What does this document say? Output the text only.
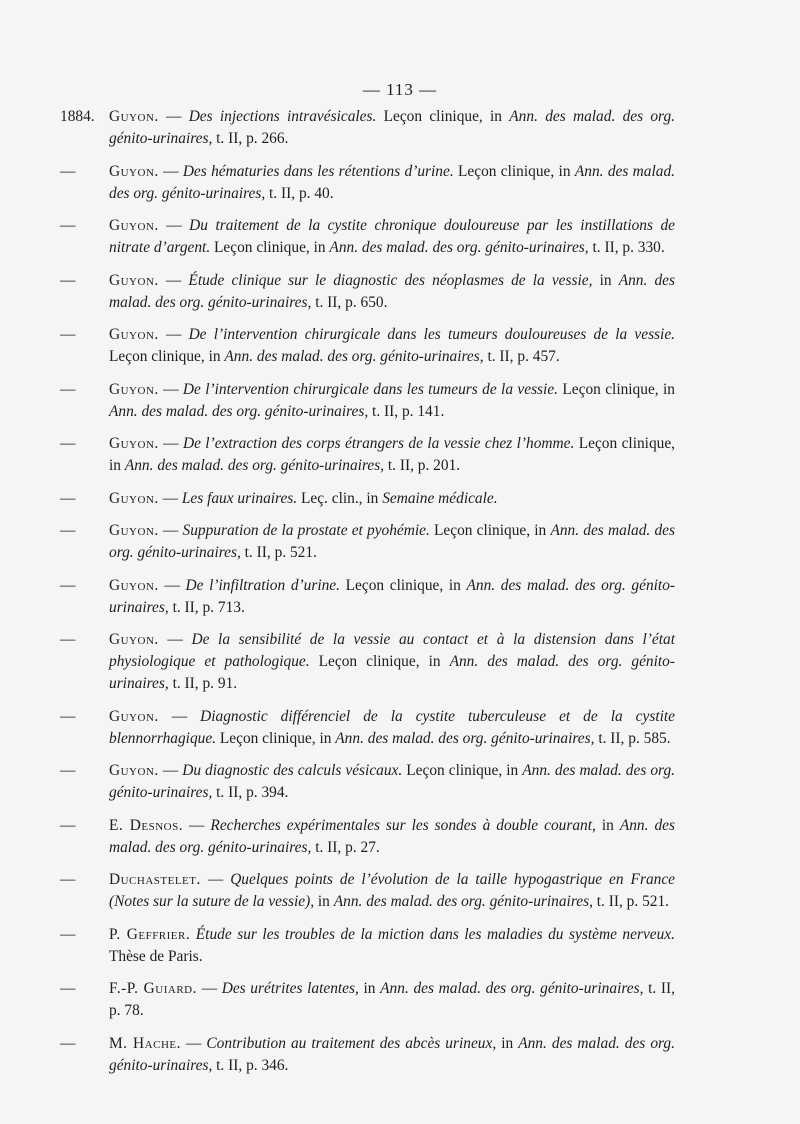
— 113 —
1884. Guyon. — Des injections intravésicales. Leçon clinique, in Ann. des malad. des org. génito-urinaires, t. II, p. 266.
—	Guyon. — Des hématuries dans les rétentions d’urine. Leçon clinique, in Ann. des malad. des org. génito-urinaires, t. II, p. 40.
—	Guyon. — Du traitement de la cystite chronique douloureuse par les instillations de nitrate d’argent. Leçon clinique, in Ann. des malad. des org. génito-urinaires, t. II, p. 330.
—	Guyon. — Étude clinique sur le diagnostic des néoplasmes de la vessie, in Ann. des malad. des org. génito-urinaires, t. II, p. 650.
—	Guyon. — De l’intervention chirurgicale dans les tumeurs douloureuses de la vessie. Leçon clinique, in Ann. des malad. des org. génito-urinaires, t. II, p. 457.
—	Guyon. — De l’intervention chirurgicale dans les tumeurs de la vessie. Leçon clinique, in Ann. des malad. des org. génito-urinaires, t. II, p. 141.
—	Guyon. — De l’extraction des corps étrangers de la vessie chez l’homme. Leçon clinique, in Ann. des malad. des org. génito-urinaires, t. II, p. 201.
—	Guyon. — Les faux urinaires. Leç. clin., in Semaine médicale.
—	Guyon. — Suppuration de la prostate et pyohémie. Leçon clinique, in Ann. des malad. des org. génito-urinaires, t. II, p. 521.
—	Guyon. — De l’infiltration d’urine. Leçon clinique, in Ann. des malad. des org. génito-urinaires, t. II, p. 713.
—	Guyon. — De la sensibilité de la vessie au contact et à la distension dans l’état physiologique et pathologique. Leçon clinique, in Ann. des malad. des org. génito-urinaires, t. II, p. 91.
—	Guyon. — Diagnostic différenciel de la cystite tuberculeuse et de la cystite blennorrhagique. Leçon clinique, in Ann. des malad. des org. génito-urinaires, t. II, p. 585.
—	Guyon. — Du diagnostic des calculs vésicaux. Leçon clinique, in Ann. des malad. des org. génito-urinaires, t. II, p. 394.
—	E. Desnos. — Recherches expérimentales sur les sondes à double courant, in Ann. des malad. des org. génito-urinaires, t. II, p. 27.
—	Duchastelet. — Quelques points de l’évolution de la taille hypogastrique en France (Notes sur la suture de la vessie), in Ann. des malad. des org. génito-urinaires, t. II, p. 521.
—	P. Geffrier. Étude sur les troubles de la miction dans les maladies du système nerveux. Thèse de Paris.
—	F.-P. Guiard. — Des urétrites latentes, in Ann. des malad. des org. génito-urinaires, t. II, p. 78.
—	M. Hache. — Contribution au traitement des abcès urineux, in Ann. des malad. des org. génito-urinaires, t. II, p. 346.
